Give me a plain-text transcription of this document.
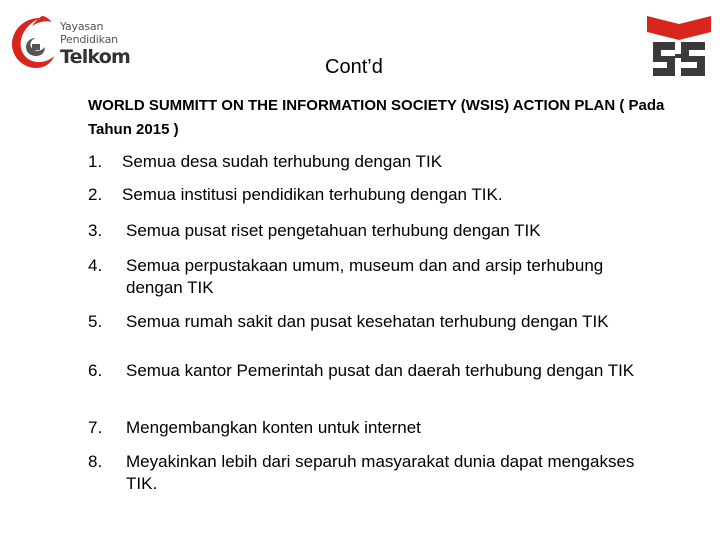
Yayasan
Pendidikan
Telkom	Cont’d
WORLD SUMMITT ON THE INFORMATION SOCIETY (WSIS) ACTION PLAN ( Pada Tahun 2015 )
1. Semua desa sudah terhubung dengan TIK
2. Semua institusi pendidikan terhubung dengan TIK.
3. Semua pusat riset pengetahuan terhubung dengan TIK
4. Semua perpustakaan umum, museum dan and arsip terhubung dengan TIK
5. Semua rumah sakit dan pusat kesehatan terhubung dengan TIK
6. Semua kantor Pemerintah pusat dan daerah terhubung dengan TIK
7. Mengembangkan konten untuk internet
8. Meyakinkan lebih dari separuh masyarakat dunia dapat mengakses TIK.
